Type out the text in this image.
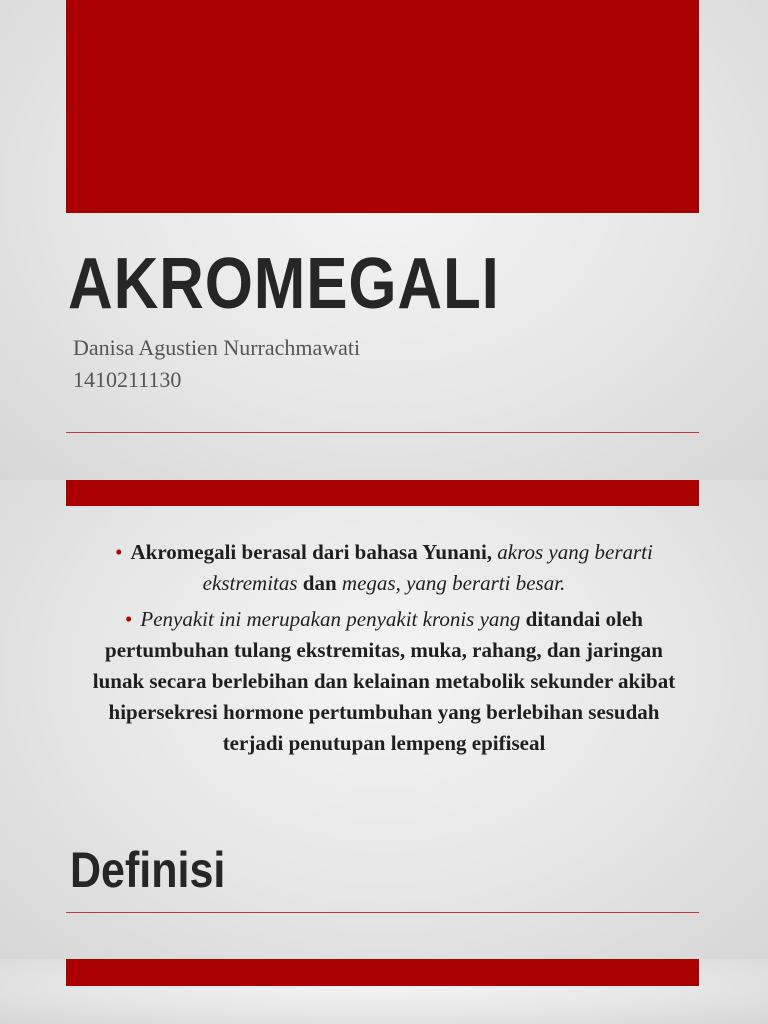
AKROMEGALI
Danisa Agustien Nurrachmawati
1410211130
• Akromegali berasal dari bahasa Yunani, akros yang berarti ekstremitas dan megas, yang berarti besar.
• Penyakit ini merupakan penyakit kronis yang ditandai oleh pertumbuhan tulang ekstremitas, muka, rahang, dan jaringan lunak secara berlebihan dan kelainan metabolik sekunder akibat hipersekresi hormone pertumbuhan yang berlebihan sesudah terjadi penutupan lempeng epifiseal
Definisi
